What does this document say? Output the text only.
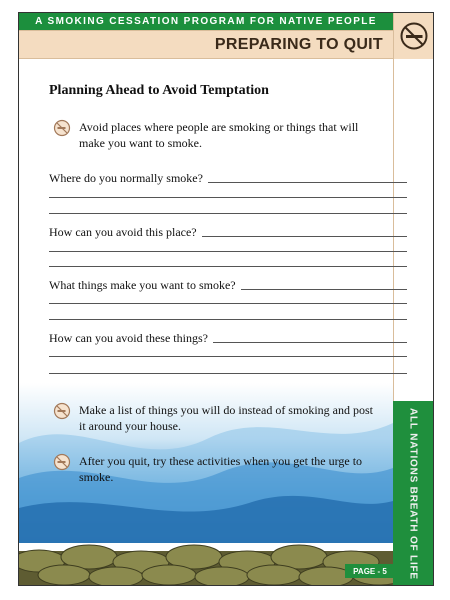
A SMOKING CESSATION PROGRAM FOR NATIVE PEOPLE
PREPARING TO QUIT
ALL NATIONS BREATH OF LIFE
PAGE - 5
Planning Ahead to Avoid Temptation
Avoid places where people are smoking or things that will make you want to smoke.
Where do you normally smoke?
How can you avoid this place?
What things make you want to smoke?
How can you avoid these things?
Make a list of things you will do instead of smoking and post it around your house.
After you quit, try these activities when you get the urge to smoke.
